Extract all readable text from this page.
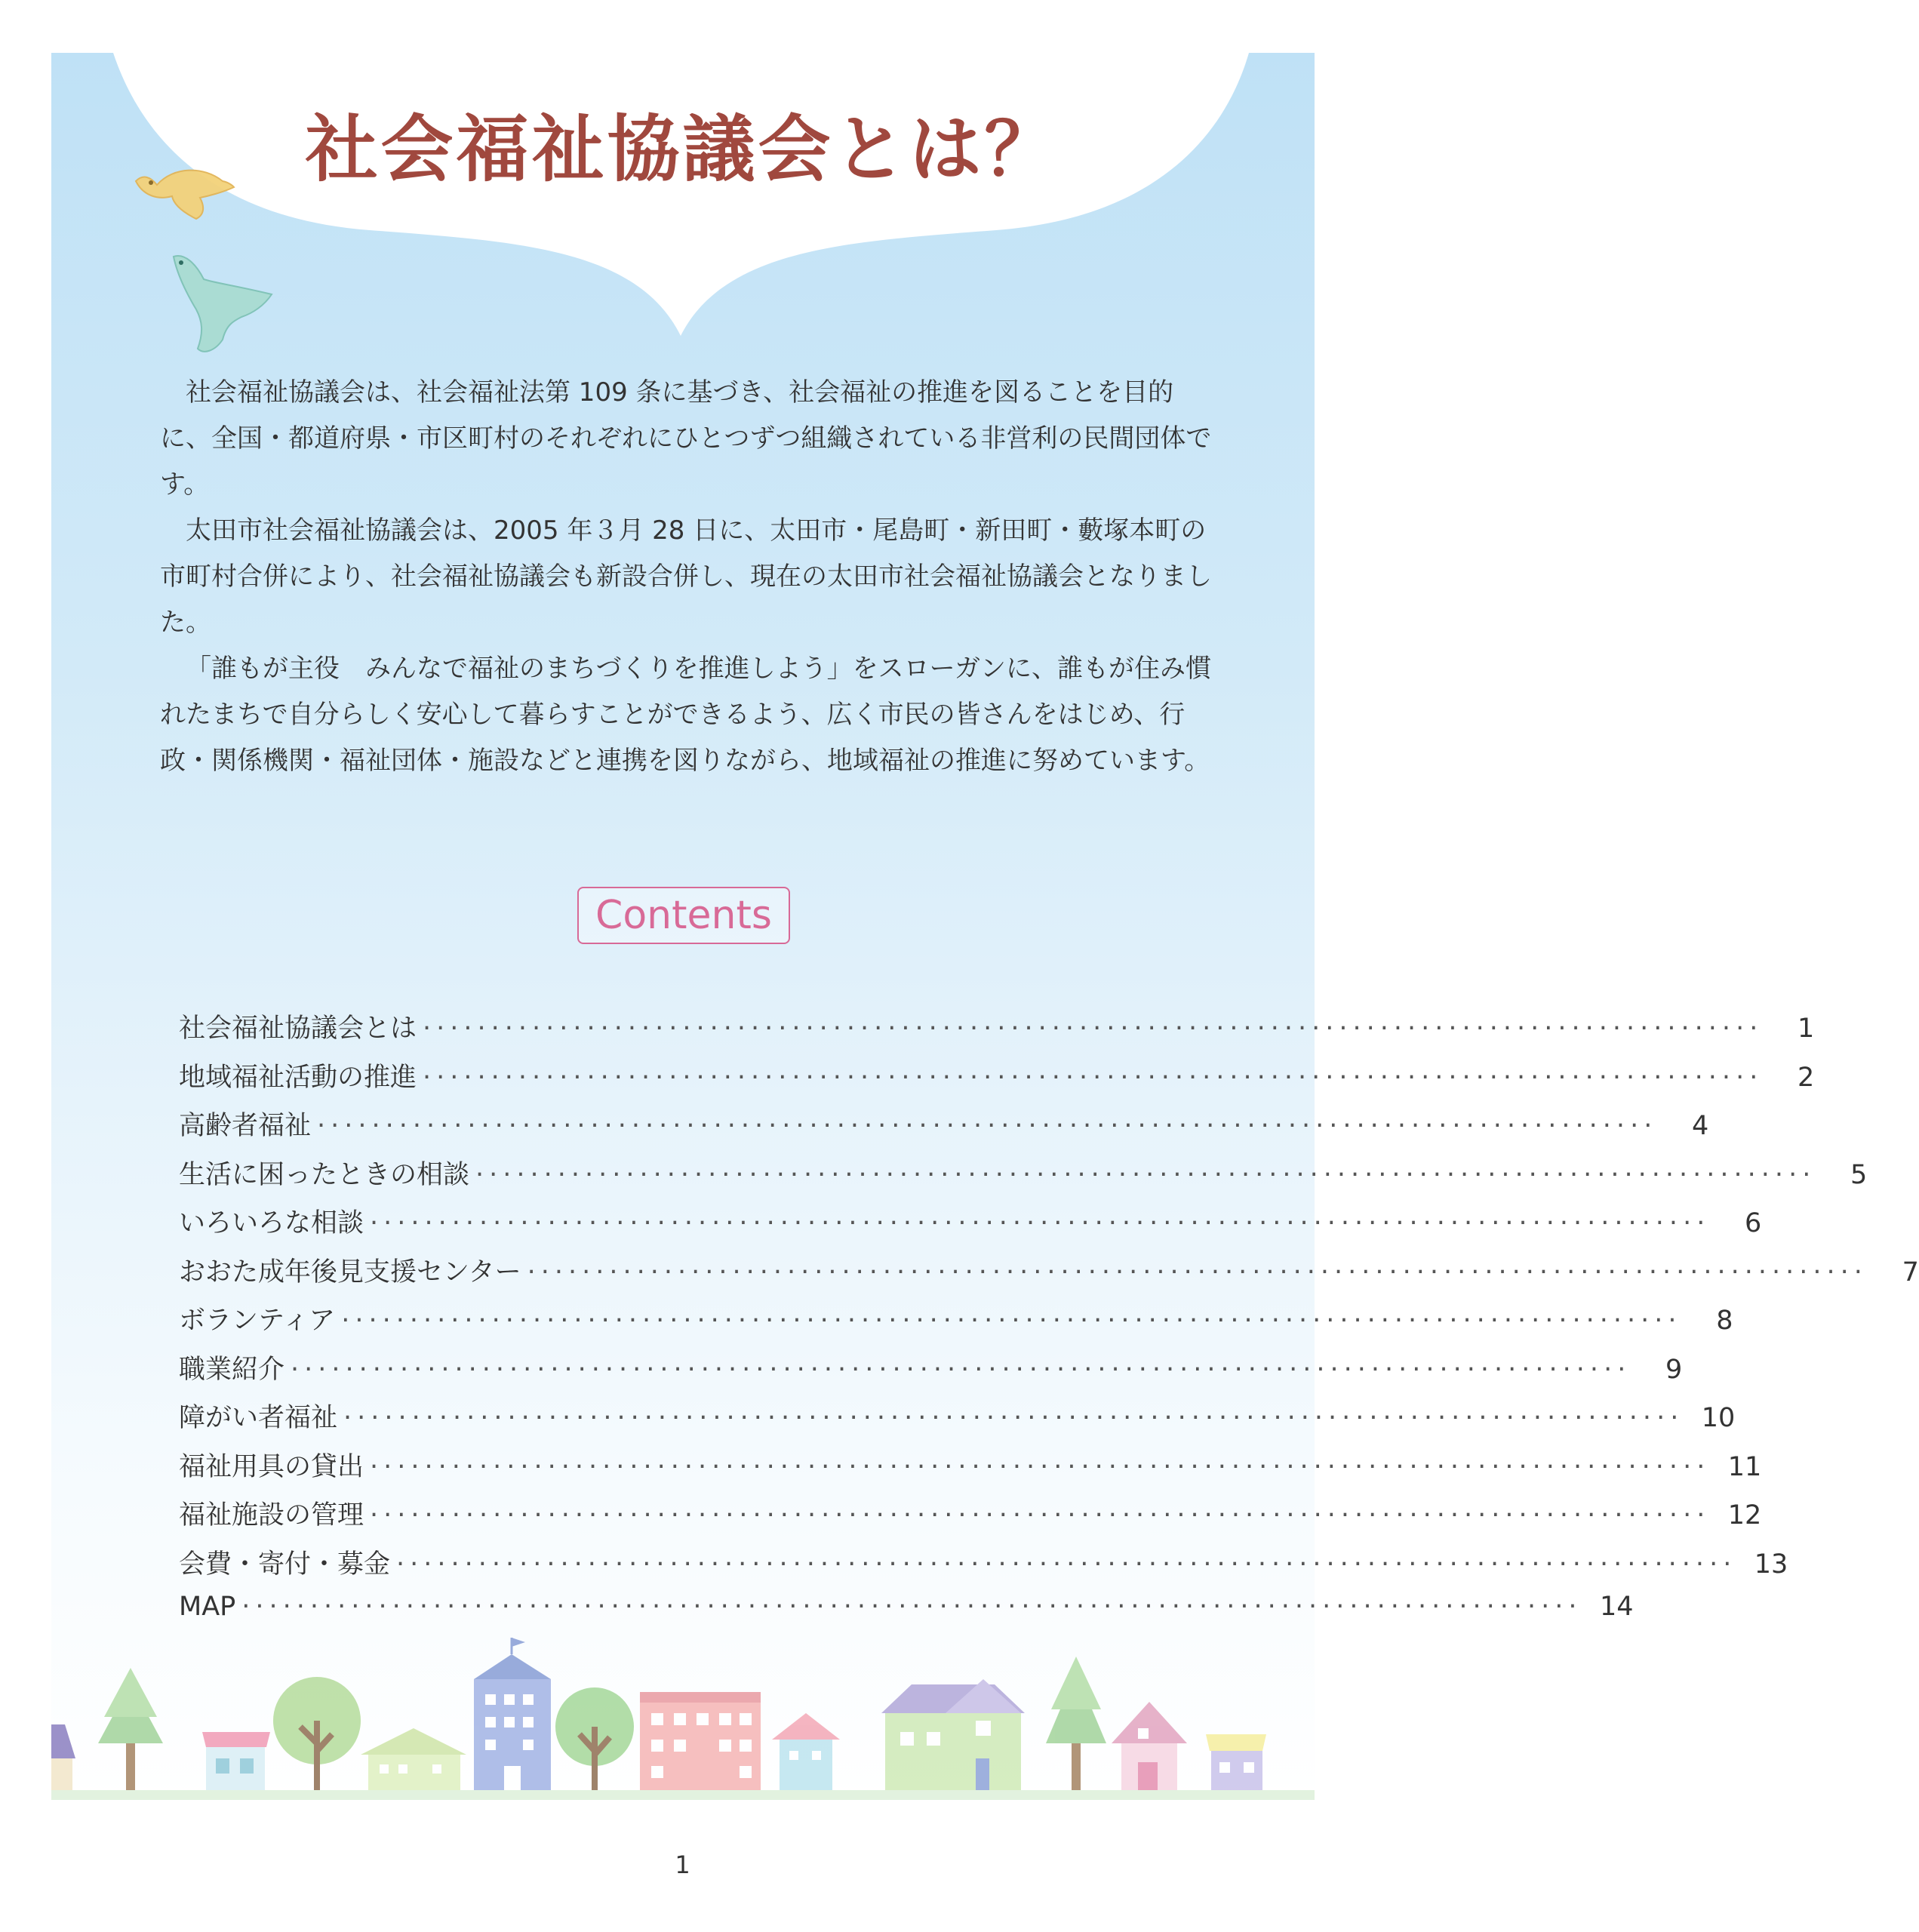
社会福祉協議会とは？

社会福祉協議会は、社会福祉法第 109 条に基づき、社会福祉の推進を図ることを目的に、全国・都道府県・市区町村のそれぞれにひとつずつ組織されている非営利の民間団体です。

太田市社会福祉協議会は、2005 年３月 28 日に、太田市・尾島町・新田町・藪塚本町の市町村合併により、社会福祉協議会も新設合併し、現在の太田市社会福祉協議会となりました。

「誰もが主役　みんなで福祉のまちづくりを推進しよう」をスローガンに、誰もが住み慣れたまちで自分らしく安心して暮らすことができるよう、広く市民の皆さんをはじめ、行政・関係機関・福祉団体・施設などと連携を図りながら、地域福祉の推進に努めています。

Contents
社会福祉協議会とは ··································································································	1
地域福祉活動の推進 ··································································································	2
高齢者福祉 ··································································································	4
生活に困ったときの相談 ··································································································	5
いろいろな相談 ··································································································	6
おおた成年後見支援センター ··································································································	7
ボランティア ··································································································	8
職業紹介 ··································································································	9
障がい者福祉 ·································································································· 10
福祉用具の貸出 ·································································································· 11
福祉施設の管理 ·································································································· 12
会費・寄付・募金 ·································································································· 13
MAP ·································································································· 14
1
